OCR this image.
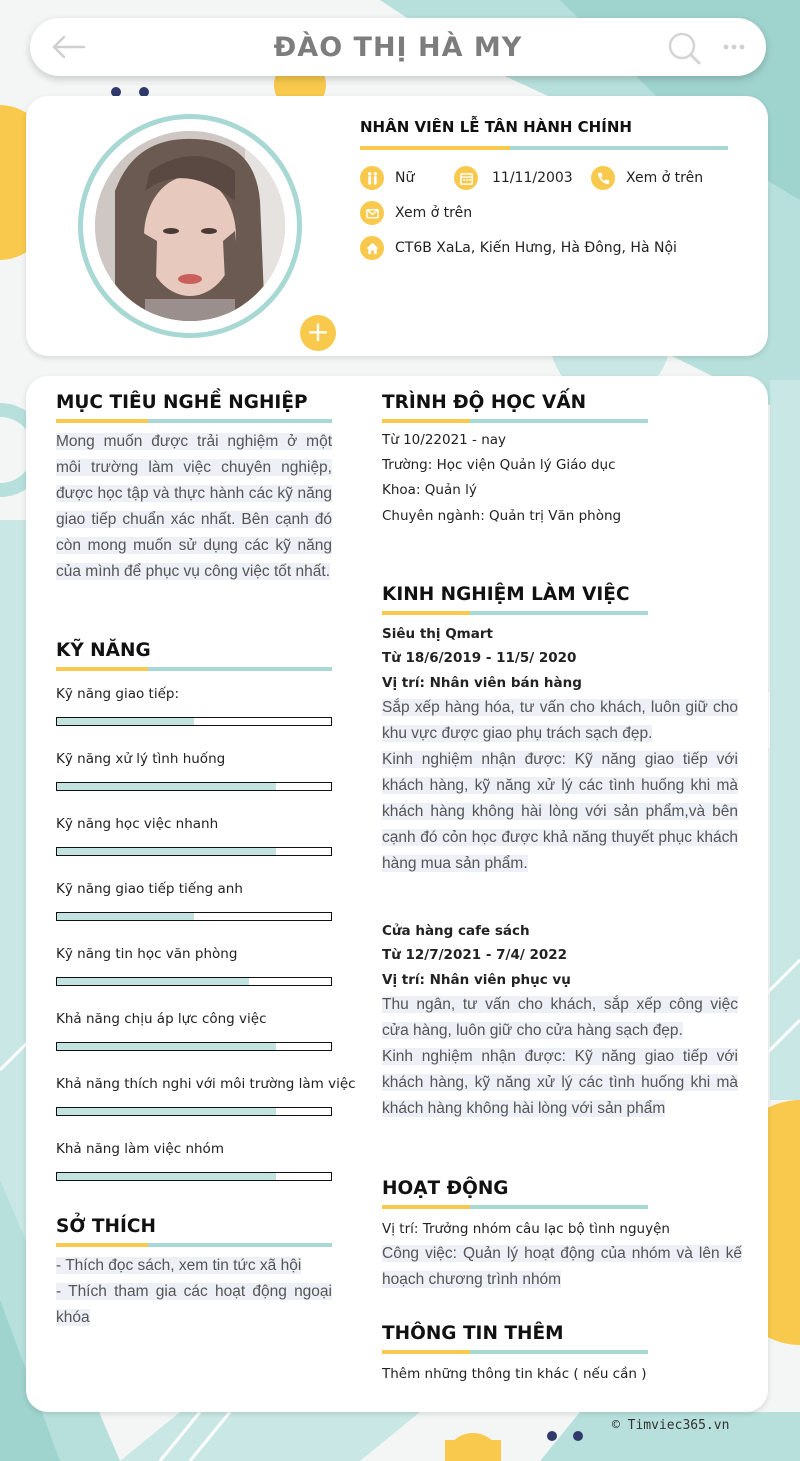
ĐÀO THỊ HÀ MY
+
NHÂN VIÊN LỄ TÂN HÀNH CHÍNH
Nữ	11/11/2003	Xem ở trên
Xem ở trên
CT6B XaLa, Kiến Hưng, Hà Đông, Hà Nội
MỤC TIÊU NGHỀ NGHIỆP
Mong muốn được trải nghiệm ở một môi trường làm việc chuyên nghiệp, được học tập và thực hành các kỹ năng giao tiếp chuẩn xác nhất. Bên cạnh đó còn mong muốn sử dụng các kỹ năng của mình để phục vụ công việc tốt nhất.
KỸ NĂNG
Kỹ năng giao tiếp:
Kỹ năng xử lý tình huống
Kỹ năng học việc nhanh
Kỹ năng giao tiếp tiếng anh
Kỹ năng tin học văn phòng
Khả năng chịu áp lực công việc
Khả năng thích nghi với môi trường làm việc
Khả năng làm việc nhóm
SỞ THÍCH
- Thích đọc sách, xem tin tức xã hội
- Thích tham gia các hoạt động ngoại khóa
TRÌNH ĐỘ HỌC VẤN
Từ 10/22021 - nay
Trường: Học viện Quản lý Giáo dục
Khoa: Quản lý
Chuyên ngành: Quản trị Văn phòng
KINH NGHIỆM LÀM VIỆC
Siêu thị Qmart
Từ 18/6/2019 - 11/5/ 2020
Vị trí: Nhân viên bán hàng
Sắp xếp hàng hóa, tư vấn cho khách, luôn giữ cho khu vực được giao phụ trách sạch đẹp.
Kinh nghiệm nhận được: Kỹ năng giao tiếp với khách hàng, kỹ năng xử lý các tình huống khi mà khách hàng không hài lòng với sản phẩm,và bên cạnh đó cỏn học được khả năng thuyết phục khách hàng mua sản phẩm.
Cửa hàng cafe sách
Từ 12/7/2021 - 7/4/ 2022
Vị trí: Nhân viên phục vụ
Thu ngân, tư vấn cho khách, sắp xếp công việc cửa hàng, luôn giữ cho cửa hàng sạch đẹp.
Kinh nghiệm nhận được: Kỹ năng giao tiếp với khách hàng, kỹ năng xử lý các tình huống khi mà khách hàng không hài lòng với sản phẩm
HOẠT ĐỘNG
Vị trí: Trưởng nhóm câu lạc bộ tình nguyện
Công việc: Quản lý hoạt động của nhóm và lên kế hoạch chương trình nhóm
THÔNG TIN THÊM
Thêm những thông tin khác ( nếu cần )
© Timviec365.vn
